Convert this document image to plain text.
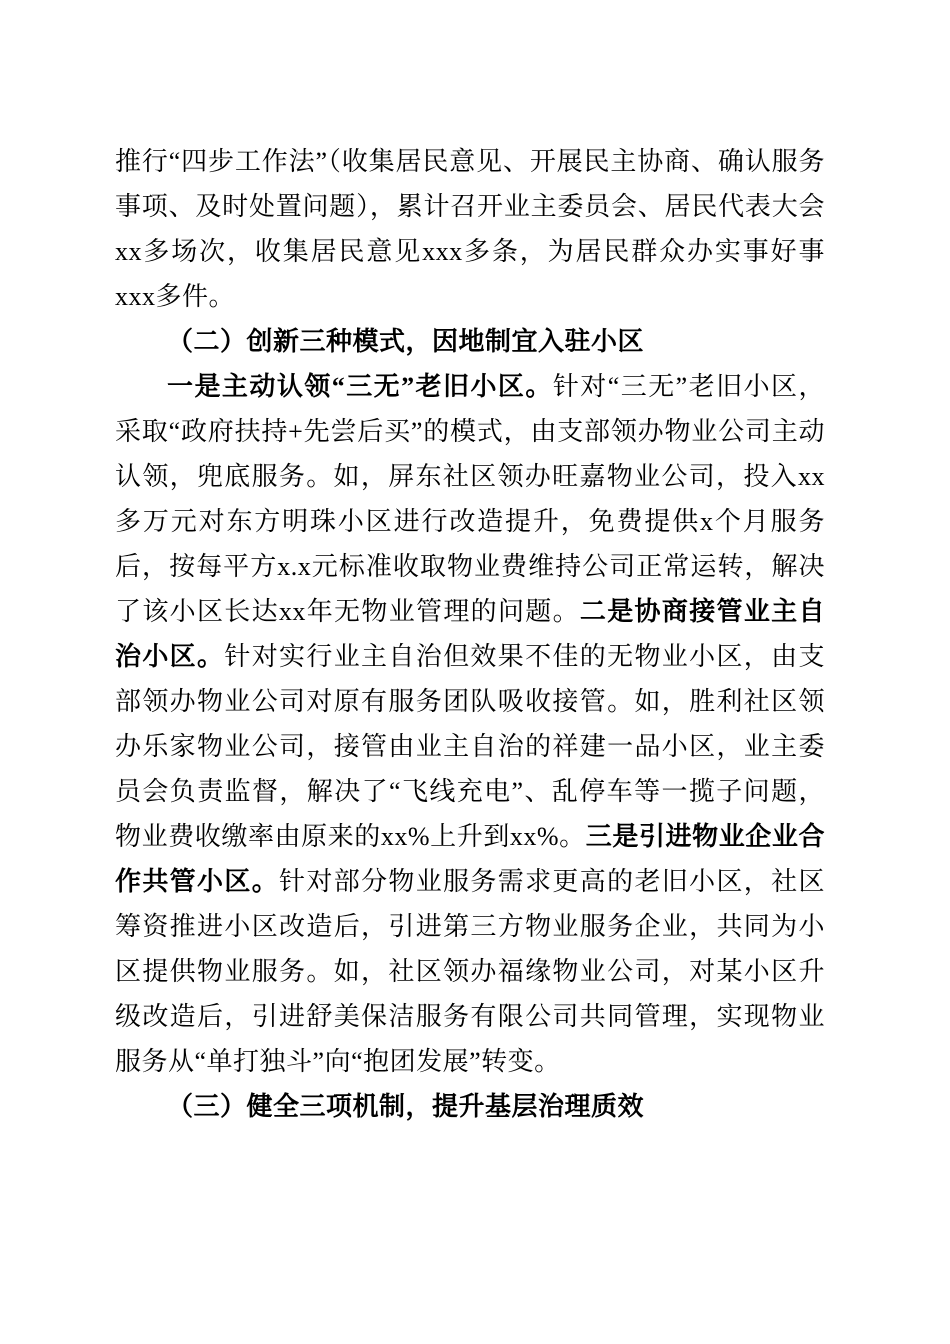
推行“四步工作法”（收集居民意见、开展民主协商、确认服务事项、及时处置问题），累计召开业主委员会、居民代表大会xx多场次，收集居民意见xxx多条，为居民群众办实事好事xxx多件。

（二）创新三种模式，因地制宜入驻小区

一是主动认领“三无”老旧小区。针对“三无”老旧小区，采取“政府扶持+先尝后买”的模式，由支部领办物业公司主动认领，兜底服务。如，屏东社区领办旺嘉物业公司，投入xx多万元对东方明珠小区进行改造提升，免费提供x个月服务后，按每平方x.x元标准收取物业费维持公司正常运转，解决了该小区长达xx年无物业管理的问题。二是协商接管业主自治小区。针对实行业主自治但效果不佳的无物业小区，由支部领办物业公司对原有服务团队吸收接管。如，胜利社区领办乐家物业公司，接管由业主自治的祥建一品小区，业主委员会负责监督，解决了“飞线充电”、乱停车等一揽子问题，物业费收缴率由原来的xx%上升到xx%。三是引进物业企业合作共管小区。针对部分物业服务需求更高的老旧小区，社区筹资推进小区改造后，引进第三方物业服务企业，共同为小区提供物业服务。如，社区领办福缘物业公司，对某小区升级改造后，引进舒美保洁服务有限公司共同管理，实现物业服务从“单打独斗”向“抱团发展”转变。

（三）健全三项机制，提升基层治理质效
